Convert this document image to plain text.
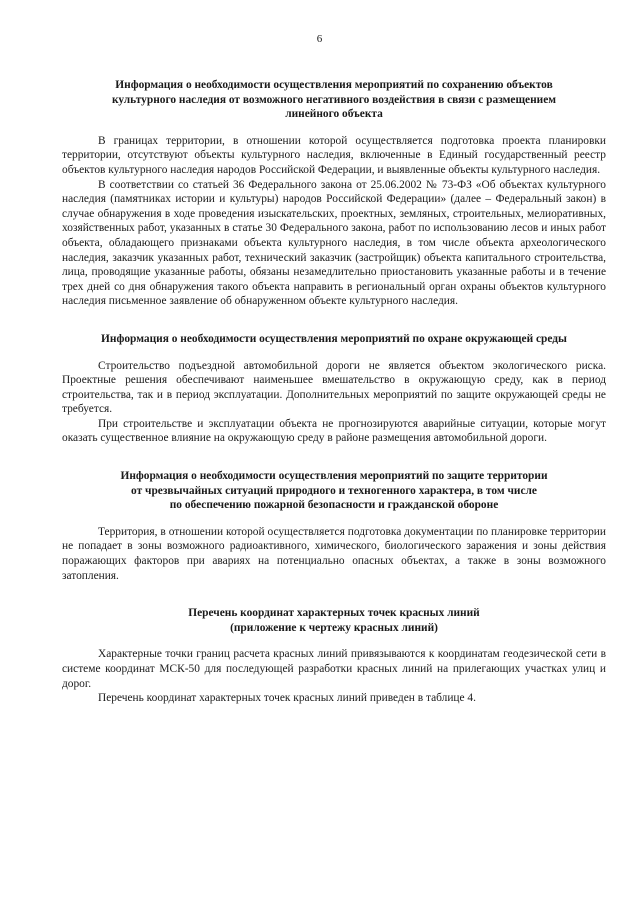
6
Информация о необходимости осуществления мероприятий по сохранению объектов
культурного наследия от возможного негативного воздействия в связи с размещением
линейного объекта

В границах территории, в отношении которой осуществляется подготовка проекта планировки территории, отсутствуют объекты культурного наследия, включенные в Единый государственный реестр объектов культурного наследия народов Российской Федерации, и выявленные объекты культурного наследия.

В соответствии со статьей 36 Федерального закона от 25.06.2002 № 73-ФЗ «Об объектах культурного наследия (памятниках истории и культуры) народов Российской Федерации» (далее – Федеральный закон) в случае обнаружения в ходе проведения изыскательских, проектных, земляных, строительных, мелиоративных, хозяйственных работ, указанных в статье 30 Федерального закона, работ по использованию лесов и иных работ объекта, обладающего признаками объекта культурного наследия, в том числе объекта археологического наследия, заказчик указанных работ, технический заказчик (застройщик) объекта капитального строительства, лица, проводящие указанные работы, обязаны незамедлительно приостановить указанные работы и в течение трех дней со дня обнаружения такого объекта направить в региональный орган охраны объектов культурного наследия письменное заявление об обнаруженном объекте культурного наследия.

Информация о необходимости осуществления мероприятий по охране окружающей среды

Строительство подъездной автомобильной дороги не является объектом экологического риска. Проектные решения обеспечивают наименьшее вмешательство в окружающую среду, как в период строительства, так и в период эксплуатации. Дополнительных мероприятий по защите окружающей среды не требуется.

При строительстве и эксплуатации объекта не прогнозируются аварийные ситуации, которые могут оказать существенное влияние на окружающую среду в районе размещения автомобильной дороги.

Информация о необходимости осуществления мероприятий по защите территории
от чрезвычайных ситуаций природного и техногенного характера, в том числе
по обеспечению пожарной безопасности и гражданской обороне

Территория, в отношении которой осуществляется подготовка документации по планировке территории не попадает в зоны возможного радиоактивного, химического, биологического заражения и зоны действия поражающих факторов при авариях на потенциально опасных объектах, а также в зоны возможного затопления.

Перечень координат характерных точек красных линий
(приложение к чертежу красных линий)

Характерные точки границ расчета красных линий привязываются к координатам геодезической сети в системе координат МСК-50 для последующей разработки красных линий на прилегающих участках улиц и дорог.

Перечень координат характерных точек красных линий приведен в таблице 4.
